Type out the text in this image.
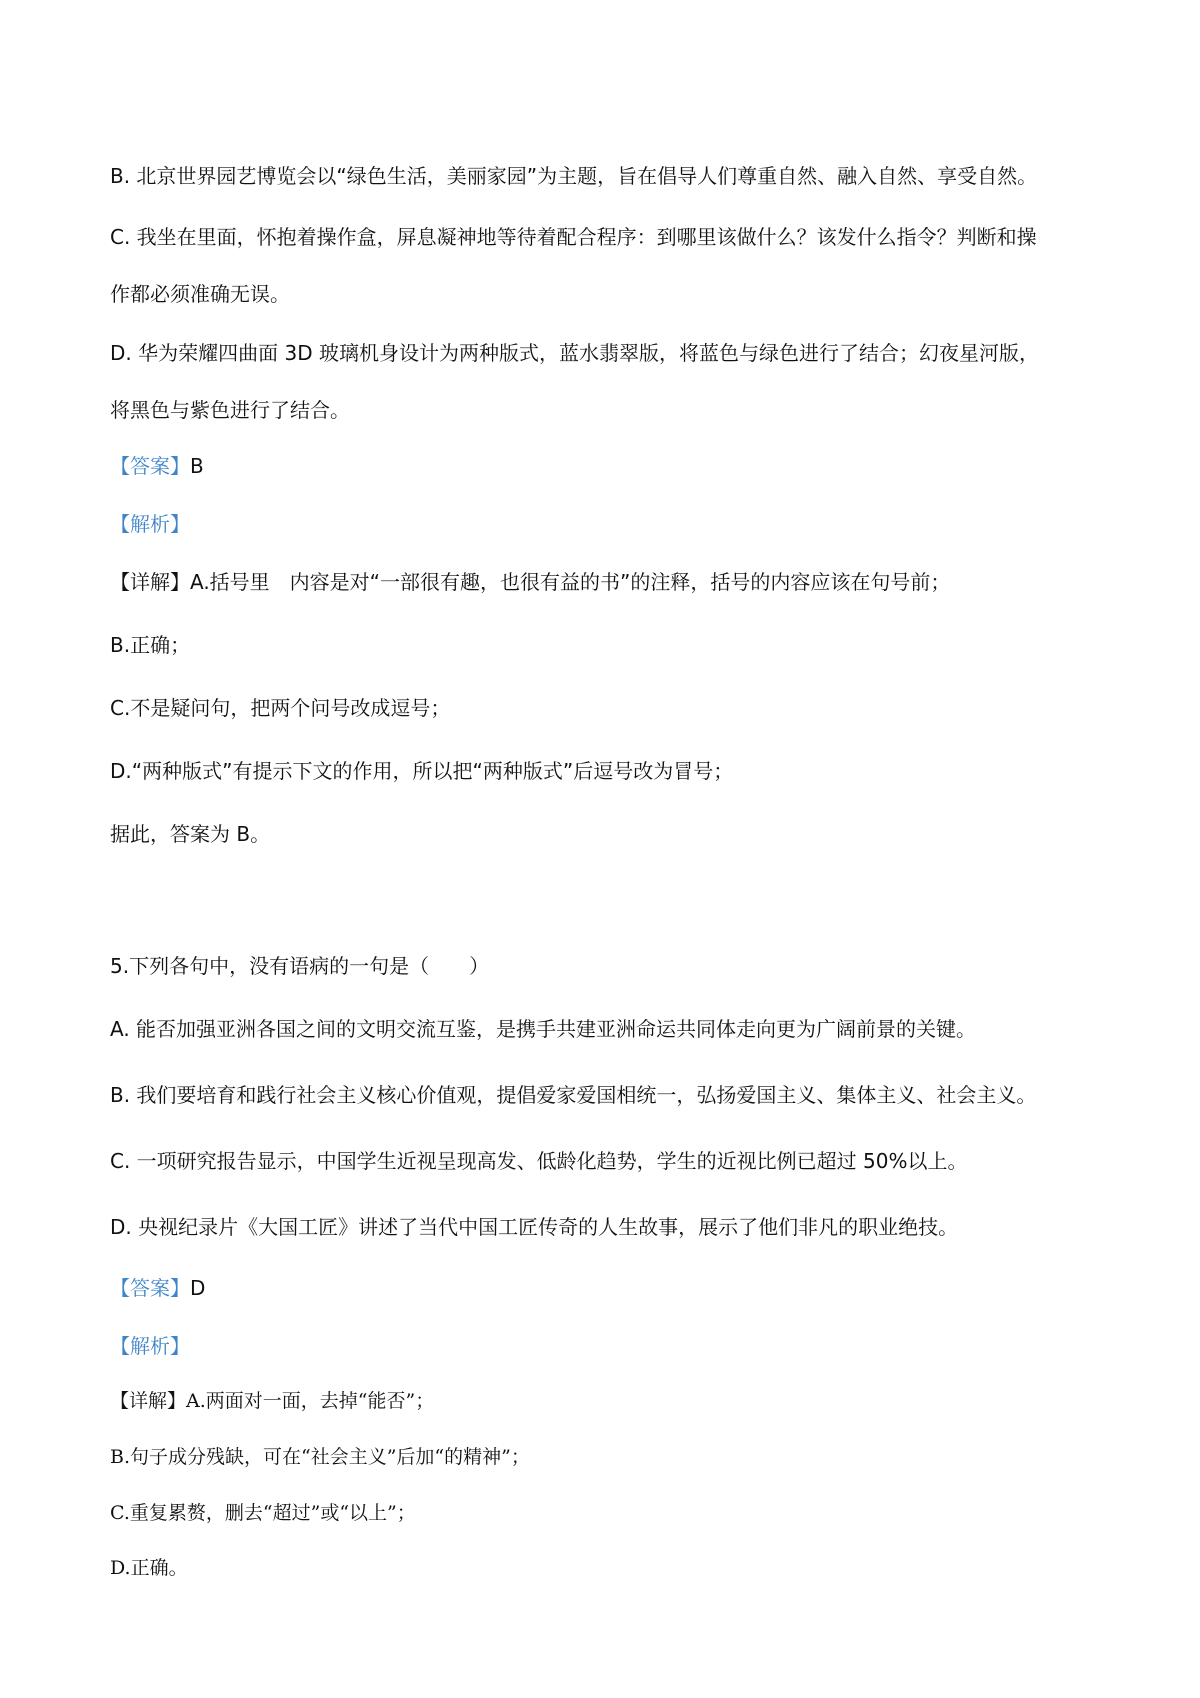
B. 北京世界园艺博览会以“绿色生活，美丽家园”为主题，旨在倡导人们尊重自然、融入自然、享受自然。
C. 我坐在里面，怀抱着操作盒，屏息凝神地等待着配合程序：到哪里该做什么？该发什么指令？判断和操
作都必须准确无误。
D. 华为荣耀四曲面 3D 玻璃机身设计为两种版式，蓝水翡翠版，将蓝色与绿色进行了结合；幻夜星河版，
将黑色与紫色进行了结合。
【答案】B
【解析】
【详解】A.括号里　内容是对“一部很有趣，也很有益的书”的注释，括号的内容应该在句号前；
B.正确；
C.不是疑问句，把两个问号改成逗号；
D.“两种版式”有提示下文的作用，所以把“两种版式”后逗号改为冒号；
据此，答案为 B。
5.下列各句中，没有语病的一句是（　　）
A. 能否加强亚洲各国之间的文明交流互鉴，是携手共建亚洲命运共同体走向更为广阔前景的关键。
B. 我们要培育和践行社会主义核心价值观，提倡爱家爱国相统一，弘扬爱国主义、集体主义、社会主义。
C. 一项研究报告显示，中国学生近视呈现高发、低龄化趋势，学生的近视比例已超过 50%以上。
D. 央视纪录片《大国工匠》讲述了当代中国工匠传奇的人生故事，展示了他们非凡的职业绝技。
【答案】D
【解析】
【详解】A.两面对一面，去掉“能否”；
B.句子成分残缺，可在“社会主义”后加“的精神”；
C.重复累赘，删去“超过”或“以上”；
D.正确。
